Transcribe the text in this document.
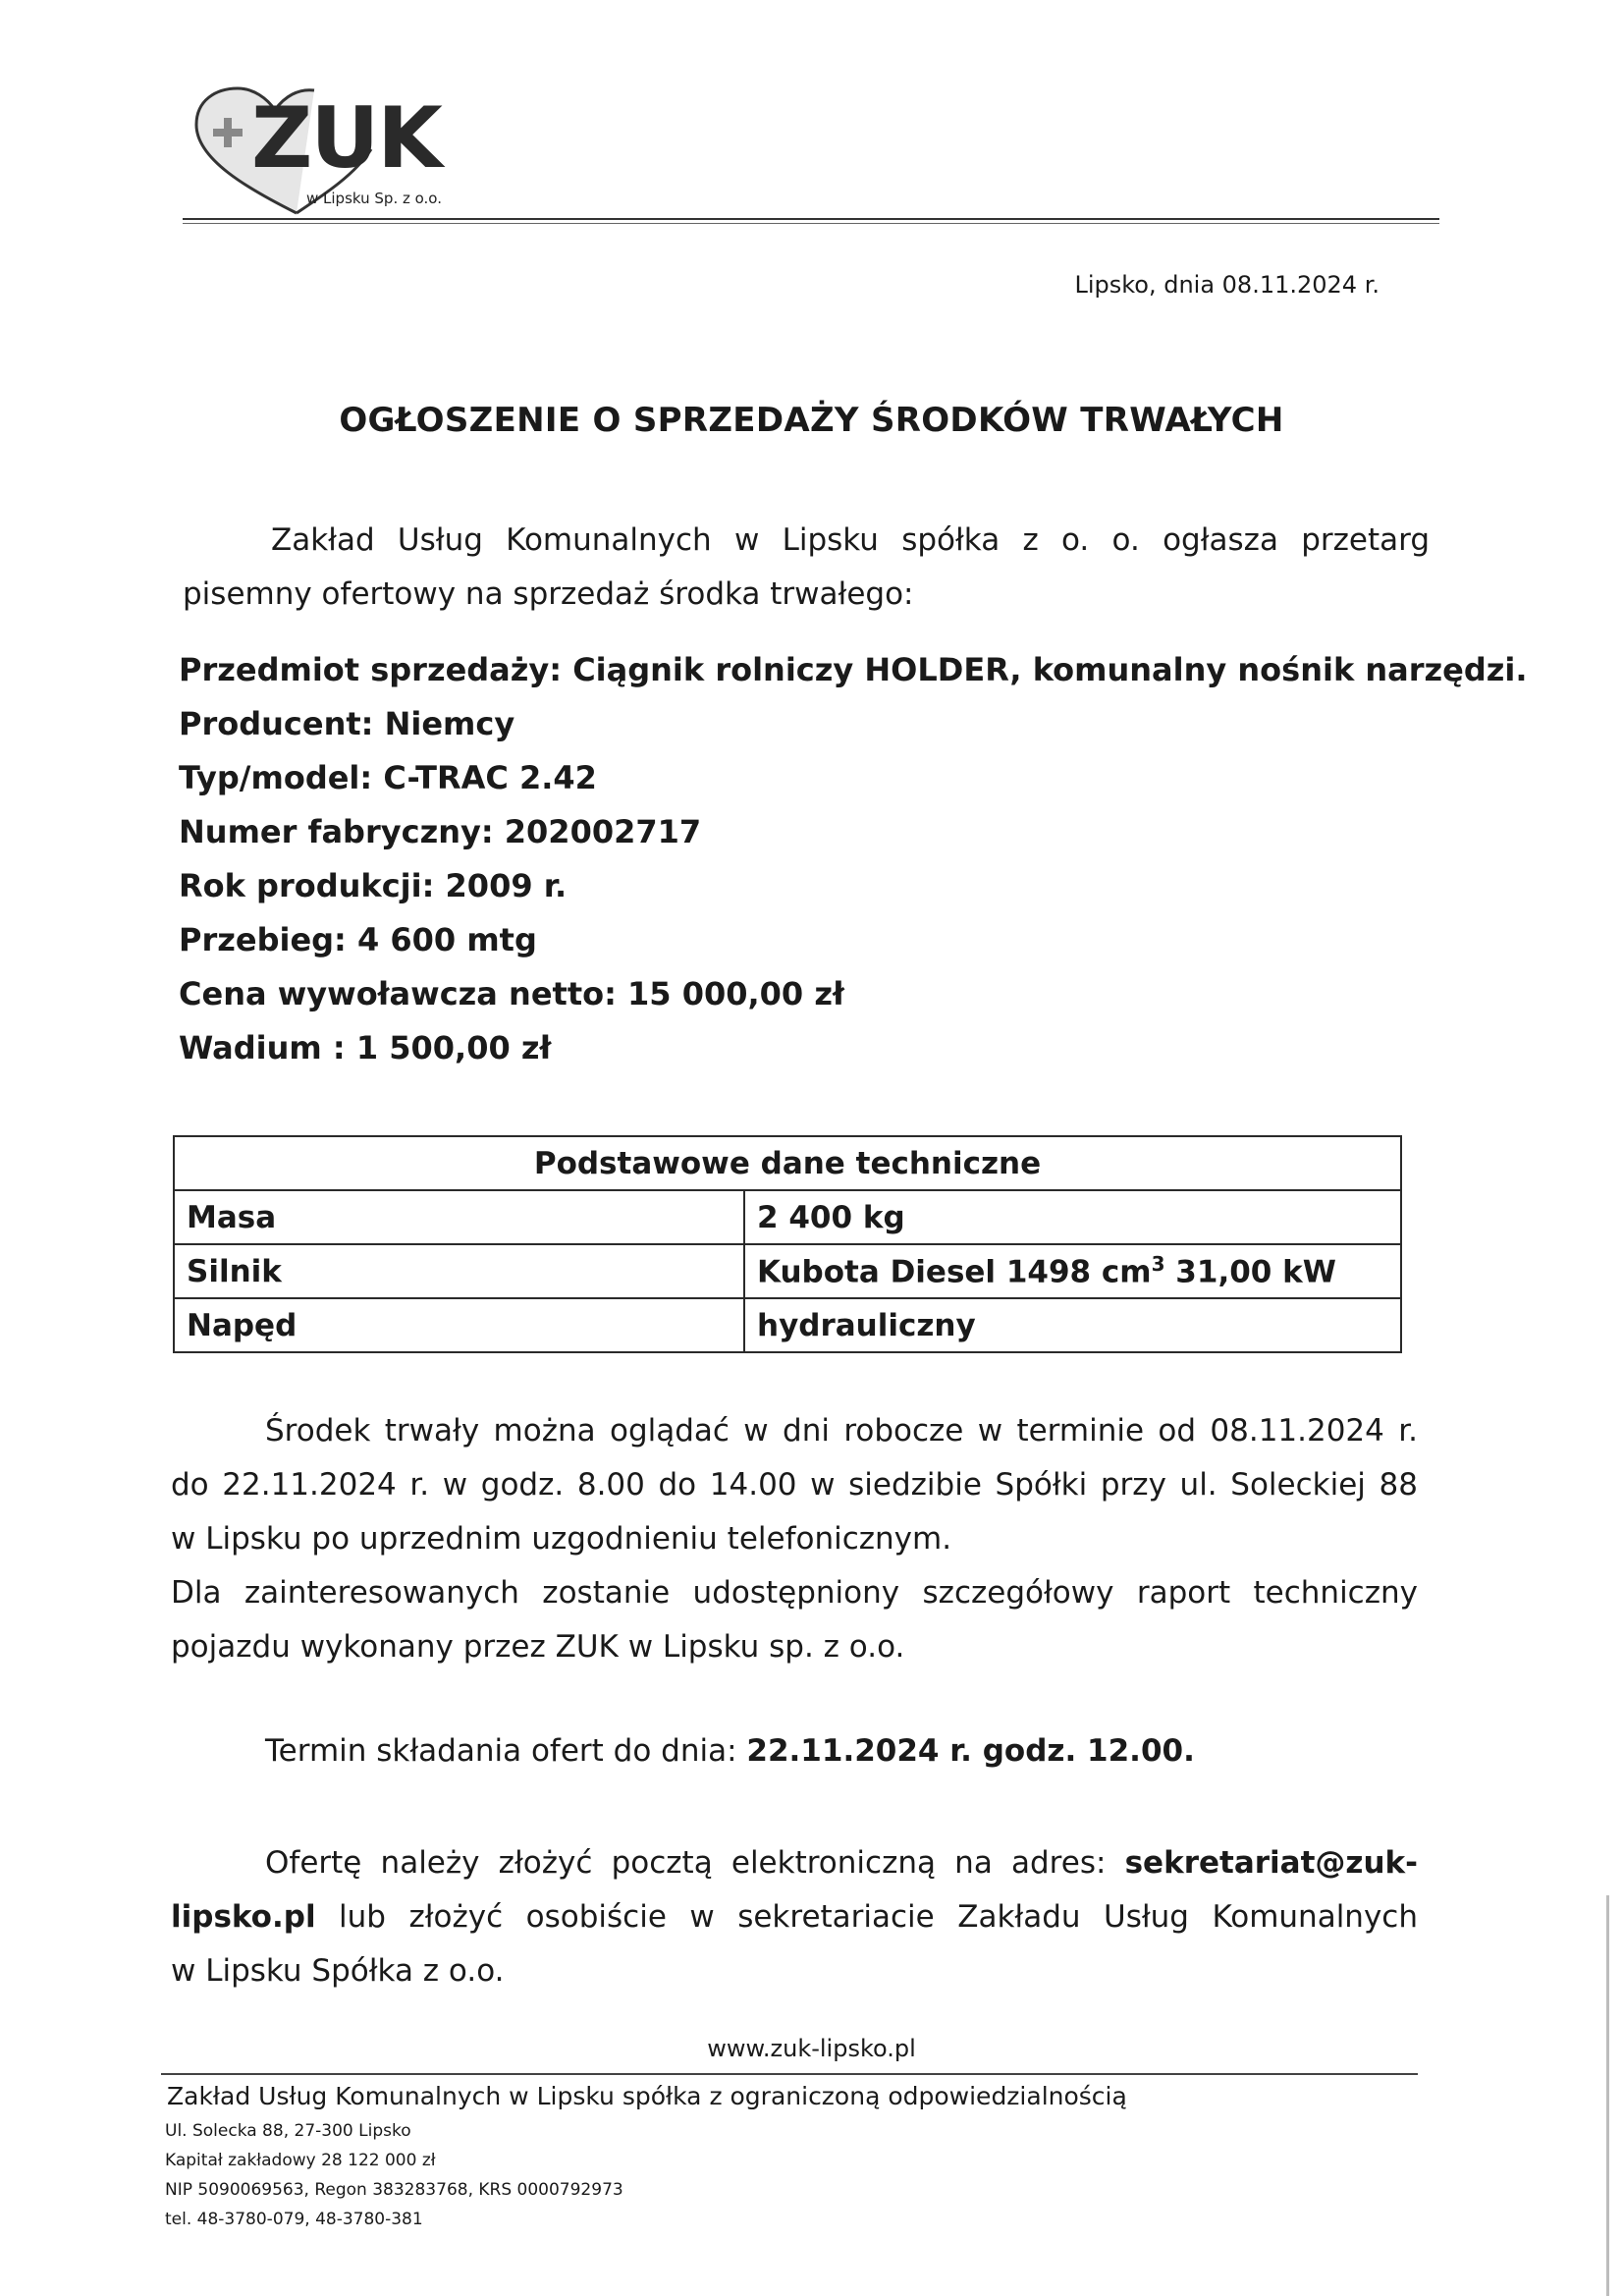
ZUK
w Lipsku Sp. z o.o.
Lipsko, dnia 08.11.2024 r.
OGŁOSZENIE O SPRZEDAŻY ŚRODKÓW TRWAŁYCH
Zakład Usług Komunalnych w Lipsku spółka z o. o. ogłasza przetarg
pisemny ofertowy na sprzedaż środka trwałego:
Przedmiot sprzedaży: Ciągnik rolniczy HOLDER, komunalny nośnik narzędzi.
Producent: Niemcy
Typ/model: C-TRAC 2.42
Numer fabryczny: 202002717
Rok produkcji: 2009 r.
Przebieg: 4 600 mtg
Cena wywoławcza netto: 15 000,00 zł
Wadium : 1 500,00 zł
Podstawowe dane techniczne	
Masa	2 400 kg
Silnik	Kubota Diesel 1498 $cm^3$ 31,00 kW
Napęd	hydrauliczny
Środek trwały można oglądać w dni robocze w terminie od 08.11.2024 r.
do 22.11.2024 r. w godz. 8.00 do 14.00 w siedzibie Spółki przy ul. Soleckiej 88
w Lipsku po uprzednim uzgodnieniu telefonicznym.
Dla zainteresowanych zostanie udostępniony szczegółowy raport techniczny
pojazdu wykonany przez ZUK w Lipsku sp. z o.o.
Termin składania ofert do dnia: 22.11.2024 r. godz. 12.00.
Ofertę należy złożyć pocztą elektroniczną na adres: sekretariat@zuk-
lipsko.pl lub złożyć osobiście w sekretariacie Zakładu Usług Komunalnych
w Lipsku Spółka z o.o.
www.zuk-lipsko.pl
Zakład Usług Komunalnych w Lipsku spółka z ograniczoną odpowiedzialnością
Ul. Solecka 88, 27-300 Lipsko
Kapitał zakładowy 28 122 000 zł
NIP 5090069563, Regon 383283768, KRS 0000792973
tel. 48-3780-079, 48-3780-381
